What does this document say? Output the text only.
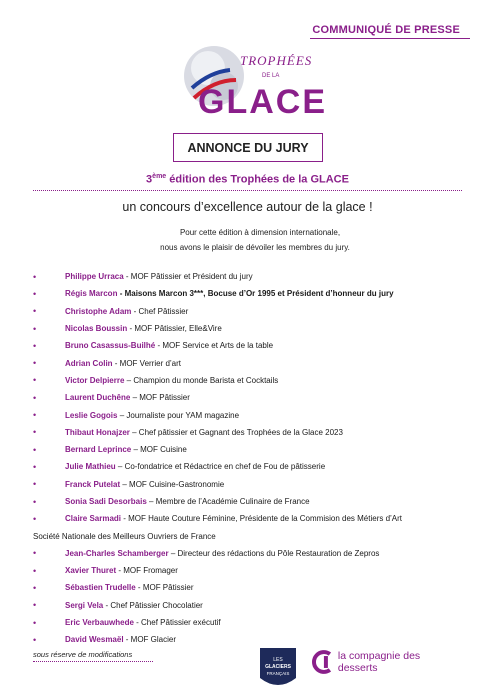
COMMUNIQUÉ DE PRESSE
TROPHÉES
DE LA
GLACE
ANNONCE DU JURY
3ème édition des Trophées de la GLACE
un concours d’excellence autour de la glace !
Pour cette édition à dimension internationale,
nous avons le plaisir de dévoiler les membres du jury.
•	Philippe Urraca - MOF Pâtissier et Président du jury
•	Régis Marcon - Maisons Marcon 3***, Bocuse d’Or 1995 et Président d’honneur du jury
•	Christophe Adam - Chef Pâtissier
•	Nicolas Boussin - MOF Pâtissier, Elle&Vire
•	Bruno Casassus-Builhé - MOF Service et Arts de la table
•	Adrian Colin - MOF Verrier d’art
•	Victor Delpierre – Champion du monde Barista et Cocktails
•	Laurent Duchêne – MOF Pâtissier
•	Leslie Gogois – Journaliste pour YAM magazine
•	Thibaut Honajzer – Chef pâtissier et Gagnant des Trophées de la Glace 2023
•	Bernard Leprince – MOF Cuisine
•	Julie Mathieu – Co-fondatrice et Rédactrice en chef de Fou de pâtisserie
•	Franck Putelat – MOF Cuisine-Gastronomie
•	Sonia Sadi Desorbais – Membre de l’Académie Culinaire de France
•	Claire Sarmadi - MOF Haute Couture Féminine, Présidente de la Commision des Métiers d’Art
Société Nationale des Meilleurs Ouvriers de France
•	Jean-Charles Schamberger – Directeur des rédactions du Pôle Restauration de Zepros
•	Xavier Thuret - MOF Fromager
•	Sébastien Trudelle - MOF Pâtissier
•	Sergi Vela - Chef Pâtissier Chocolatier
•	Eric Verbauwhede - Chef Pâtissier exécutif
•	David Wesmaël - MOF Glacier
sous réserve de modifications
LES
GLACIERS
FRANÇAIS
la compagnie des desserts
